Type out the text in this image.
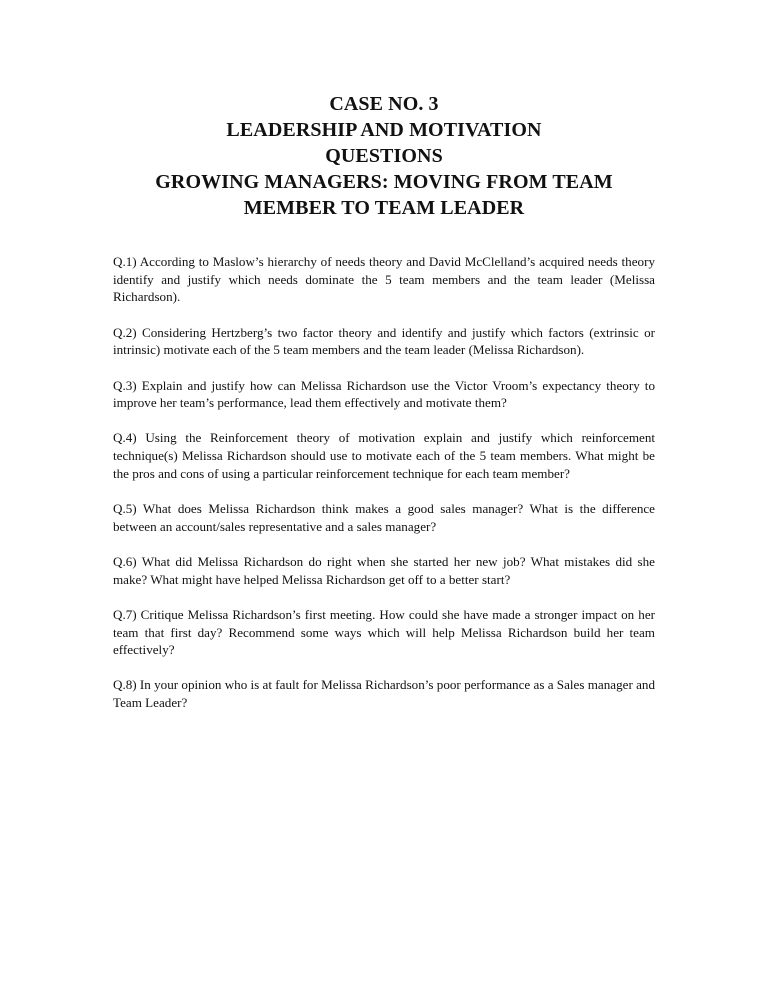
CASE NO. 3
LEADERSHIP AND MOTIVATION
QUESTIONS
GROWING MANAGERS: MOVING FROM TEAM
MEMBER TO TEAM LEADER

Q.1) According to Maslow’s hierarchy of needs theory and David McClelland’s acquired needs theory identify and justify which needs dominate the 5 team members and the team leader (Melissa Richardson).

Q.2) Considering Hertzberg’s two factor theory and identify and justify which factors (extrinsic or intrinsic) motivate each of the 5 team members and the team leader (Melissa Richardson).

Q.3) Explain and justify how can Melissa Richardson use the Victor Vroom’s expectancy theory to improve her team’s performance, lead them effectively and motivate them?

Q.4) Using the Reinforcement theory of motivation explain and justify which reinforcement technique(s) Melissa Richardson should use to motivate each of the 5 team members. What might be the pros and cons of using a particular reinforcement technique for each team member?

Q.5) What does Melissa Richardson think makes a good sales manager? What is the difference between an account/sales representative and a sales manager?

Q.6) What did Melissa Richardson do right when she started her new job? What mistakes did she make? What might have helped Melissa Richardson get off to a better start?

Q.7) Critique Melissa Richardson’s first meeting. How could she have made a stronger impact on her team that first day? Recommend some ways which will help Melissa Richardson build her team effectively?

Q.8) In your opinion who is at fault for Melissa Richardson’s poor performance as a Sales manager and Team Leader?
